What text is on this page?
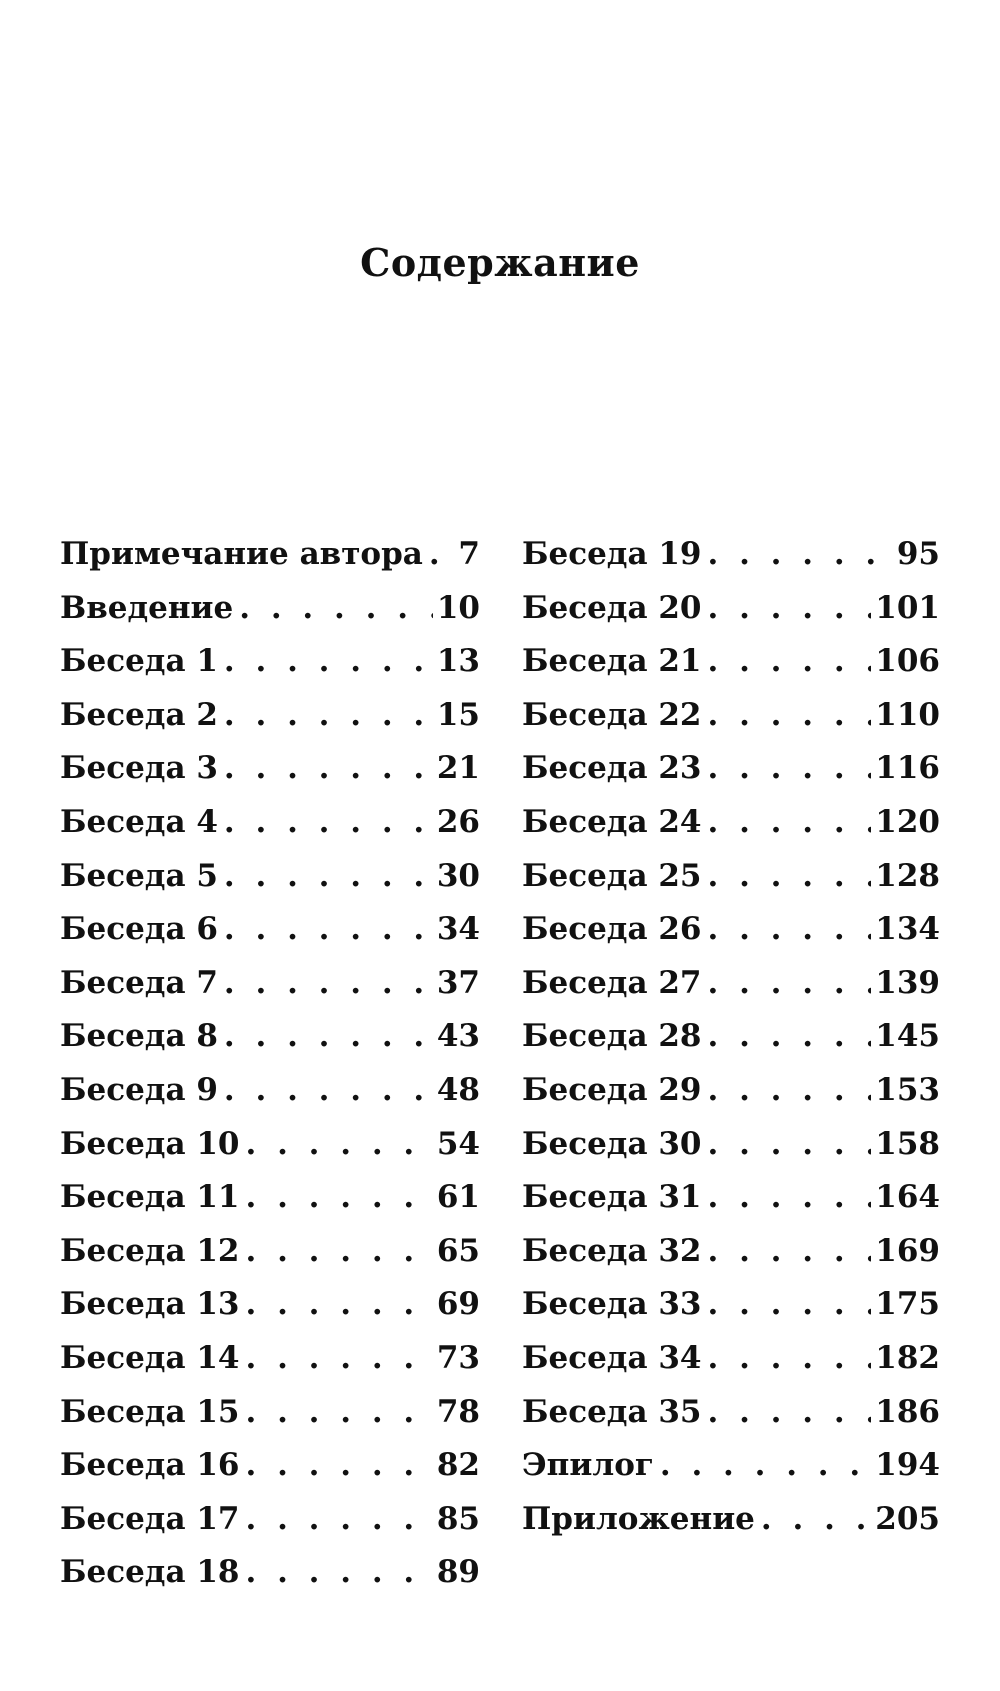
Содержание
Примечание автора . . . 7
Введение . . .	10
Беседа 1 . . .	13
Беседа 2 . . .	15
Беседа 3 . . .	21
Беседа 4 . . .	26
Беседа 5 . . .	30
Беседа 6 . . .	34
Беседа 7 . . .	37
Беседа 8 . . .	43
Беседа 9 . . .	48
Беседа 10 . . .	54
Беседа 11 . . .	61
Беседа 12 . . .	65
Беседа 13 . . .	69
Беседа 14 . . .	73
Беседа 15 . . .	78
Беседа 16 . . .	82
Беседа 17 . . .	85
Беседа 18 . . .	89
Беседа 19 . . .	95
Беседа 20 . . .	101
Беседа 21 . . .	106
Беседа 22 . . .	110
Беседа 23 . . .	116
Беседа 24 . . .	120
Беседа 25 . . .	128
Беседа 26 . . .	134
Беседа 27 . . .	139
Беседа 28 . . .	145
Беседа 29 . . .	153
Беседа 30 . . .	158
Беседа 31 . . .	164
Беседа 32 . . .	169
Беседа 33 . . .	175
Беседа 34 . . .	182
Беседа 35 . . .	186
Эпилог . . .	194
Приложение . . .	205
